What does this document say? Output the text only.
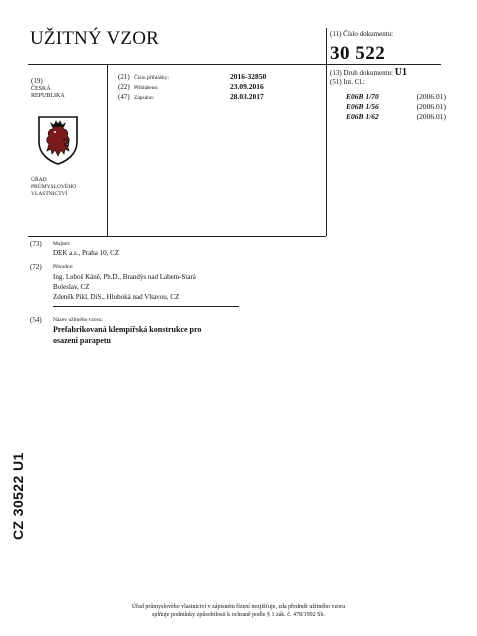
UŽITNÝ VZOR	(11) Číslo dokumentu:
30 522
(13) Druh dokumentu: U1
(51) Int. Cl.:
E06B 1/70	(2006.01)
E06B 1/56	(2006.01)
E06B 1/62	(2006.01)
(19)
ČESKÁ
REPUBLIKA
ÚŘAD
PRŮMYSLOVÉHO
VLASTNICTVÍ
(21) Číslo přihlášky:	2016-32850
(22) Přihlášeno:	23.09.2016
(47) Zapsáno:	28.03.2017
(73) Majitel:
DEK a.s., Praha 10, CZ
(72) Původce:
Ing. Luboš Káně, Ph.D., Brandýs nad Labem-Stará
Boleslav, CZ
Zdeněk Pikl, DiS., Hluboká nad Vltavou, CZ
(54) Název užitného vzoru:
Prefabrikovaná klempířská konstrukce pro
osazení parapetu
CZ 30522 U1
Úřad průmyslového vlastnictví v zápisném řízení nezjišťuje, zda předmět užitného vzoru
splňuje podmínky způsobilosti k ochraně podle § 1 zák. č. 478/1992 Sb.
